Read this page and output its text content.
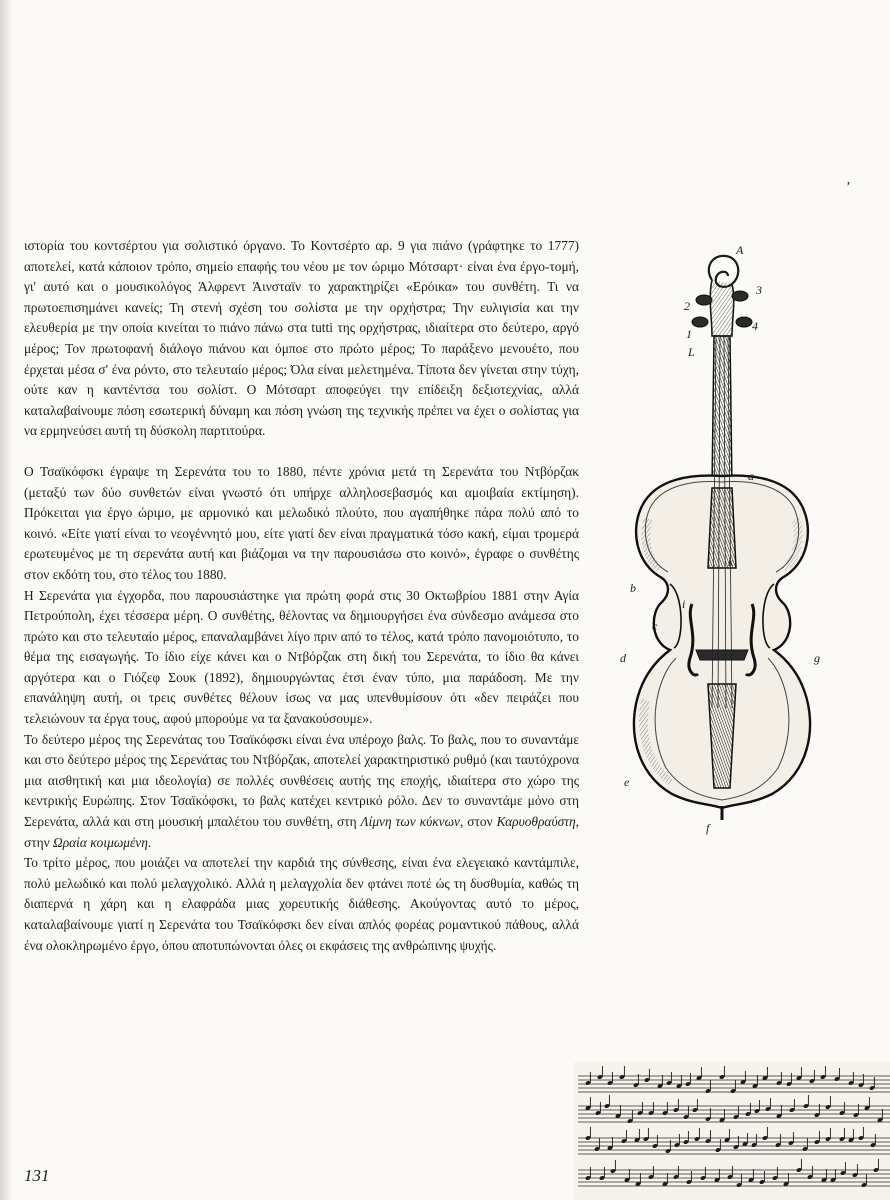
ιστορία του κοντσέρτου για σολιστικό όργανο. Το Κοντσέρτο αρ. 9 για πιάνο (γράφτηκε το 1777) αποτελεί, κατά κάποιον τρόπο, σημείο επαφής του νέου με τον ώριμο Μότσαρτ· είναι ένα έργο-τομή, γι' αυτό και ο μουσικολόγος Άλφρεντ Άινσταϊν το χαρακτηρίζει «Ερόικα» του συνθέτη. Τι να πρωτοεπισημάνει κανείς; Τη στενή σχέση του σολίστα με την ορχήστρα; Την ευλιγισία και την ελευθερία με την οποία κινείται το πιάνο πάνω στα tutti της ορχήστρας, ιδιαίτερα στο δεύτερο, αργό μέρος; Τον πρωτοφανή διάλογο πιάνου και όμποε στο πρώτο μέρος; Το παράξενο μενουέτο, που έρχεται μέσα σ' ένα ρόντο, στο τελευταίο μέρος; Όλα είναι μελετημένα. Τίποτα δεν γίνεται στην τύχη, ούτε καν η καντέντσα του σολίστ. Ο Μότσαρτ αποφεύγει την επίδειξη δεξιοτεχνίας, αλλά καταλαβαίνουμε πόση εσωτερική δύναμη και πόση γνώση της τεχνικής πρέπει να έχει ο σολίστας για να ερμηνεύσει αυτή τη δύσκολη παρτιτούρα.

Ο Τσαϊκόφσκι έγραψε τη Σερενάτα του το 1880, πέντε χρόνια μετά τη Σερενάτα του Ντβόρζακ (μεταξύ των δύο συνθετών είναι γνωστό ότι υπήρχε αλληλοσεβασμός και αμοιβαία εκτίμηση). Πρόκειται για έργο ώριμο, με αρμονικό και μελωδικό πλούτο, που αγαπήθηκε πάρα πολύ από το κοινό. «Είτε γιατί είναι το νεογέννητό μου, είτε γιατί δεν είναι πραγματικά τόσο κακή, είμαι τρομερά ερωτευμένος με τη σερενάτα αυτή και βιάζομαι να την παρουσιάσω στο κοινό», έγραφε ο συνθέτης στον εκδότη του, στο τέλος του 1880.

Η Σερενάτα για έγχορδα, που παρουσιάστηκε για πρώτη φορά στις 30 Οκτωβρίου 1881 στην Αγία Πετρούπολη, έχει τέσσερα μέρη. Ο συνθέτης, θέλοντας να δημιουργήσει ένα σύνδεσμο ανάμεσα στο πρώτο και στο τελευταίο μέρος, επαναλαμβάνει λίγο πριν από το τέλος, κατά τρόπο πανομοιότυπο, το θέμα της εισαγωγής. Το ίδιο είχε κάνει και ο Ντβόρζακ στη δική του Σερενάτα, το ίδιο θα κάνει αργότερα και ο Γιόζεφ Σουκ (1892), δημιουργώντας έτσι έναν τύπο, μια παράδοση. Με την επανάληψη αυτή, οι τρεις συνθέτες θέλουν ίσως να μας υπενθυμίσουν ότι «δεν πειράζει που τελειώνουν τα έργα τους, αφού μπορούμε να τα ξανακούσουμε».

Το δεύτερο μέρος της Σερενάτας του Τσαϊκόφσκι είναι ένα υπέροχο βαλς. Το βαλς, που το συναντάμε και στο δεύτερο μέρος της Σερενάτας του Ντβόρζακ, αποτελεί χαρακτηριστικό ρυθμό (και ταυτόχρονα μια αισθητική και μια ιδεολογία) σε πολλές συνθέσεις αυτής της εποχής, ιδιαίτερα στο χώρο της κεντρικής Ευρώπης. Στον Τσαϊκόφσκι, το βαλς κατέχει κεντρικό ρόλο. Δεν το συναντάμε μόνο στη Σερενάτα, αλλά και στη μουσική μπαλέτου του συνθέτη, στη Λίμνη των κύκνων, στον Καρυοθραύστη, στην Ωραία κοιμωμένη.

Το τρίτο μέρος, που μοιάζει να αποτελεί την καρδιά της σύνθεσης, είναι ένα ελεγειακό καντάμπιλε, πολύ μελωδικό και πολύ μελαγχολικό. Αλλά η μελαγχολία δεν φτάνει ποτέ ώς τη δυσθυμία, καθώς τη διαπερνά η χάρη και η ελαφράδα μιας χορευτικής διάθεσης. Ακούγοντας αυτό το μέρος, καταλαβαίνουμε γιατί η Σερενάτα του Τσαϊκόφσκι δεν είναι απλός φορέας ρομαντικού πάθους, αλλά ένα ολοκληρωμένο έργο, όπου αποτυπώνονται όλες οι εκφάσεις της ανθρώπινης ψυχής.

ʼ
A
3
2
4
1
L
a
k
b
i
c
d	g
e
f
131
